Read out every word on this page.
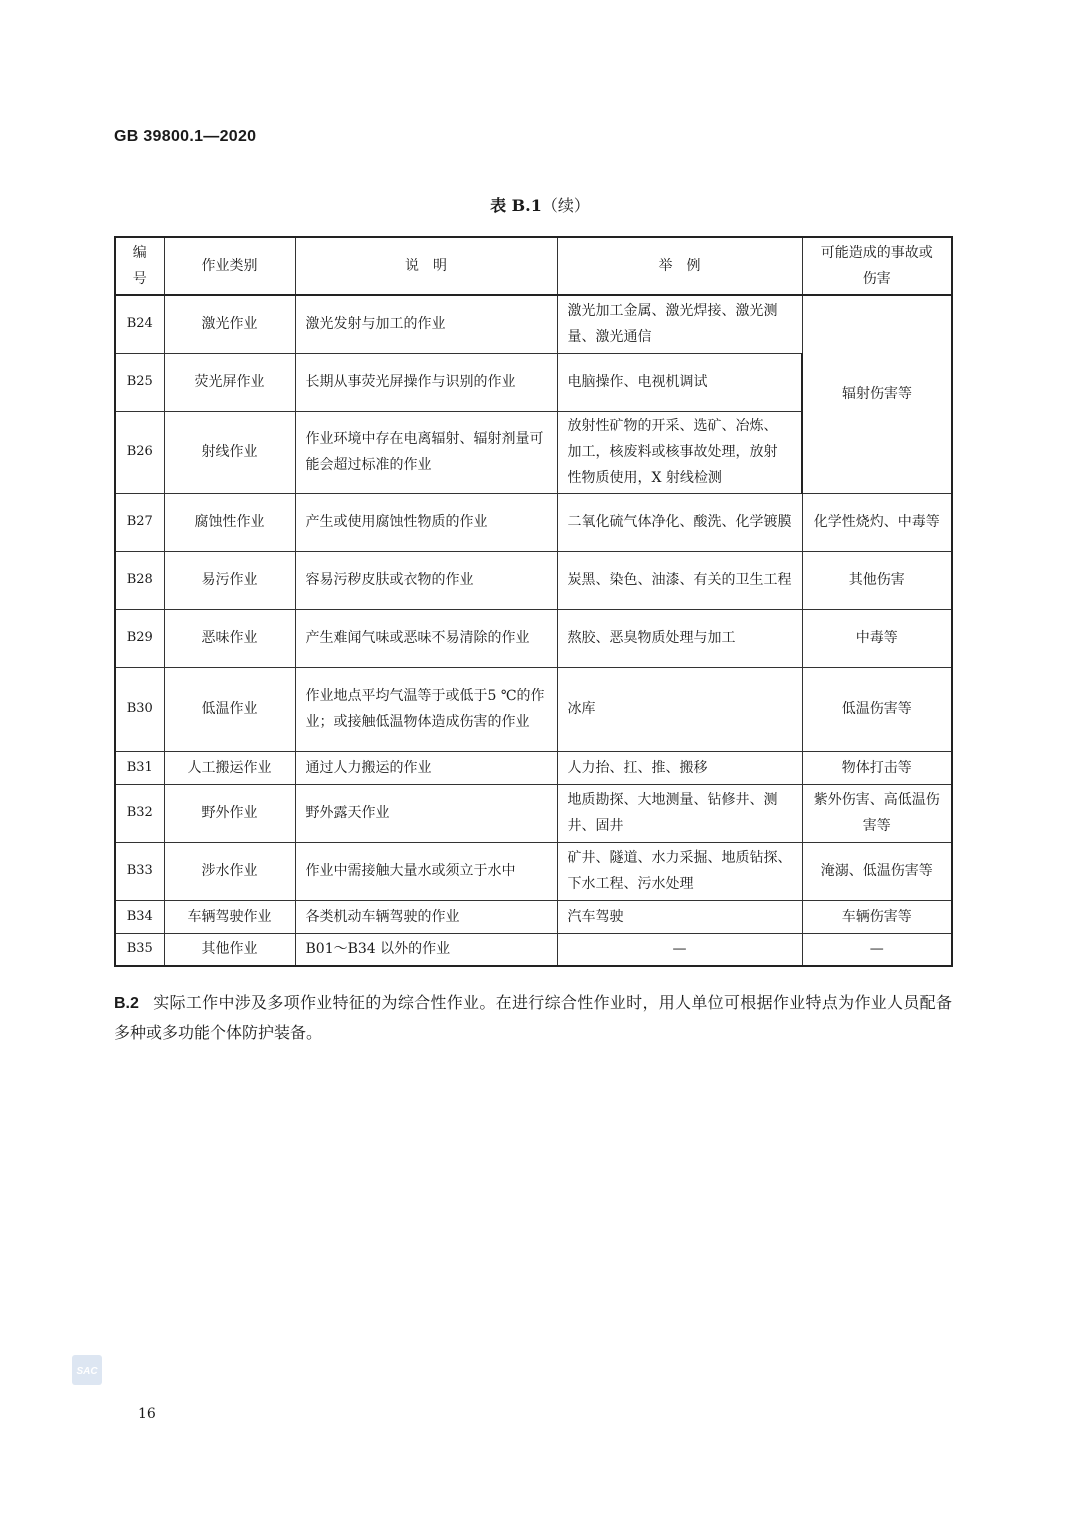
GB 39800.1—2020
表 B.1（续）
编号	作业类别	说　明	举　例	可能造成的事故或伤害
B24	激光作业	激光发射与加工的作业	激光加工金属、激光焊接、激光测量、激光通信	辐射伤害等
B25	荧光屏作业	长期从事荧光屏操作与识别的作业	电脑操作、电视机调试	
B26	射线作业	作业环境中存在电离辐射、辐射剂量可能会超过标准的作业	放射性矿物的开采、选矿、冶炼、加工，核废料或核事故处理，放射性物质使用，X 射线检测	
B27	腐蚀性作业	产生或使用腐蚀性物质的作业	二氧化硫气体净化、酸洗、化学镀膜	化学性烧灼、中毒等
B28	易污作业	容易污秽皮肤或衣物的作业	炭黑、染色、油漆、有关的卫生工程	其他伤害
B29	恶味作业	产生难闻气味或恶味不易清除的作业	熬胶、恶臭物质处理与加工	中毒等
B30	低温作业	作业地点平均气温等于或低于5 ℃的作业；或接触低温物体造成伤害的作业	冰库	低温伤害等
B31	人工搬运作业	通过人力搬运的作业	人力抬、扛、推、搬移	物体打击等
B32	野外作业	野外露天作业	地质勘探、大地测量、钻修井、测井、固井	紫外伤害、高低温伤害等
B33	涉水作业	作业中需接触大量水或须立于水中	矿井、隧道、水力采掘、地质钻探、下水工程、污水处理	淹溺、低温伤害等
B34	车辆驾驶作业	各类机动车辆驾驶的作业	汽车驾驶	车辆伤害等
B35	其他作业	B01～B34 以外的作业	—	—
B.2 实际工作中涉及多项作业特征的为综合性作业。在进行综合性作业时，用人单位可根据作业特点为作业人员配备多种或多功能个体防护装备。
SAC
16
